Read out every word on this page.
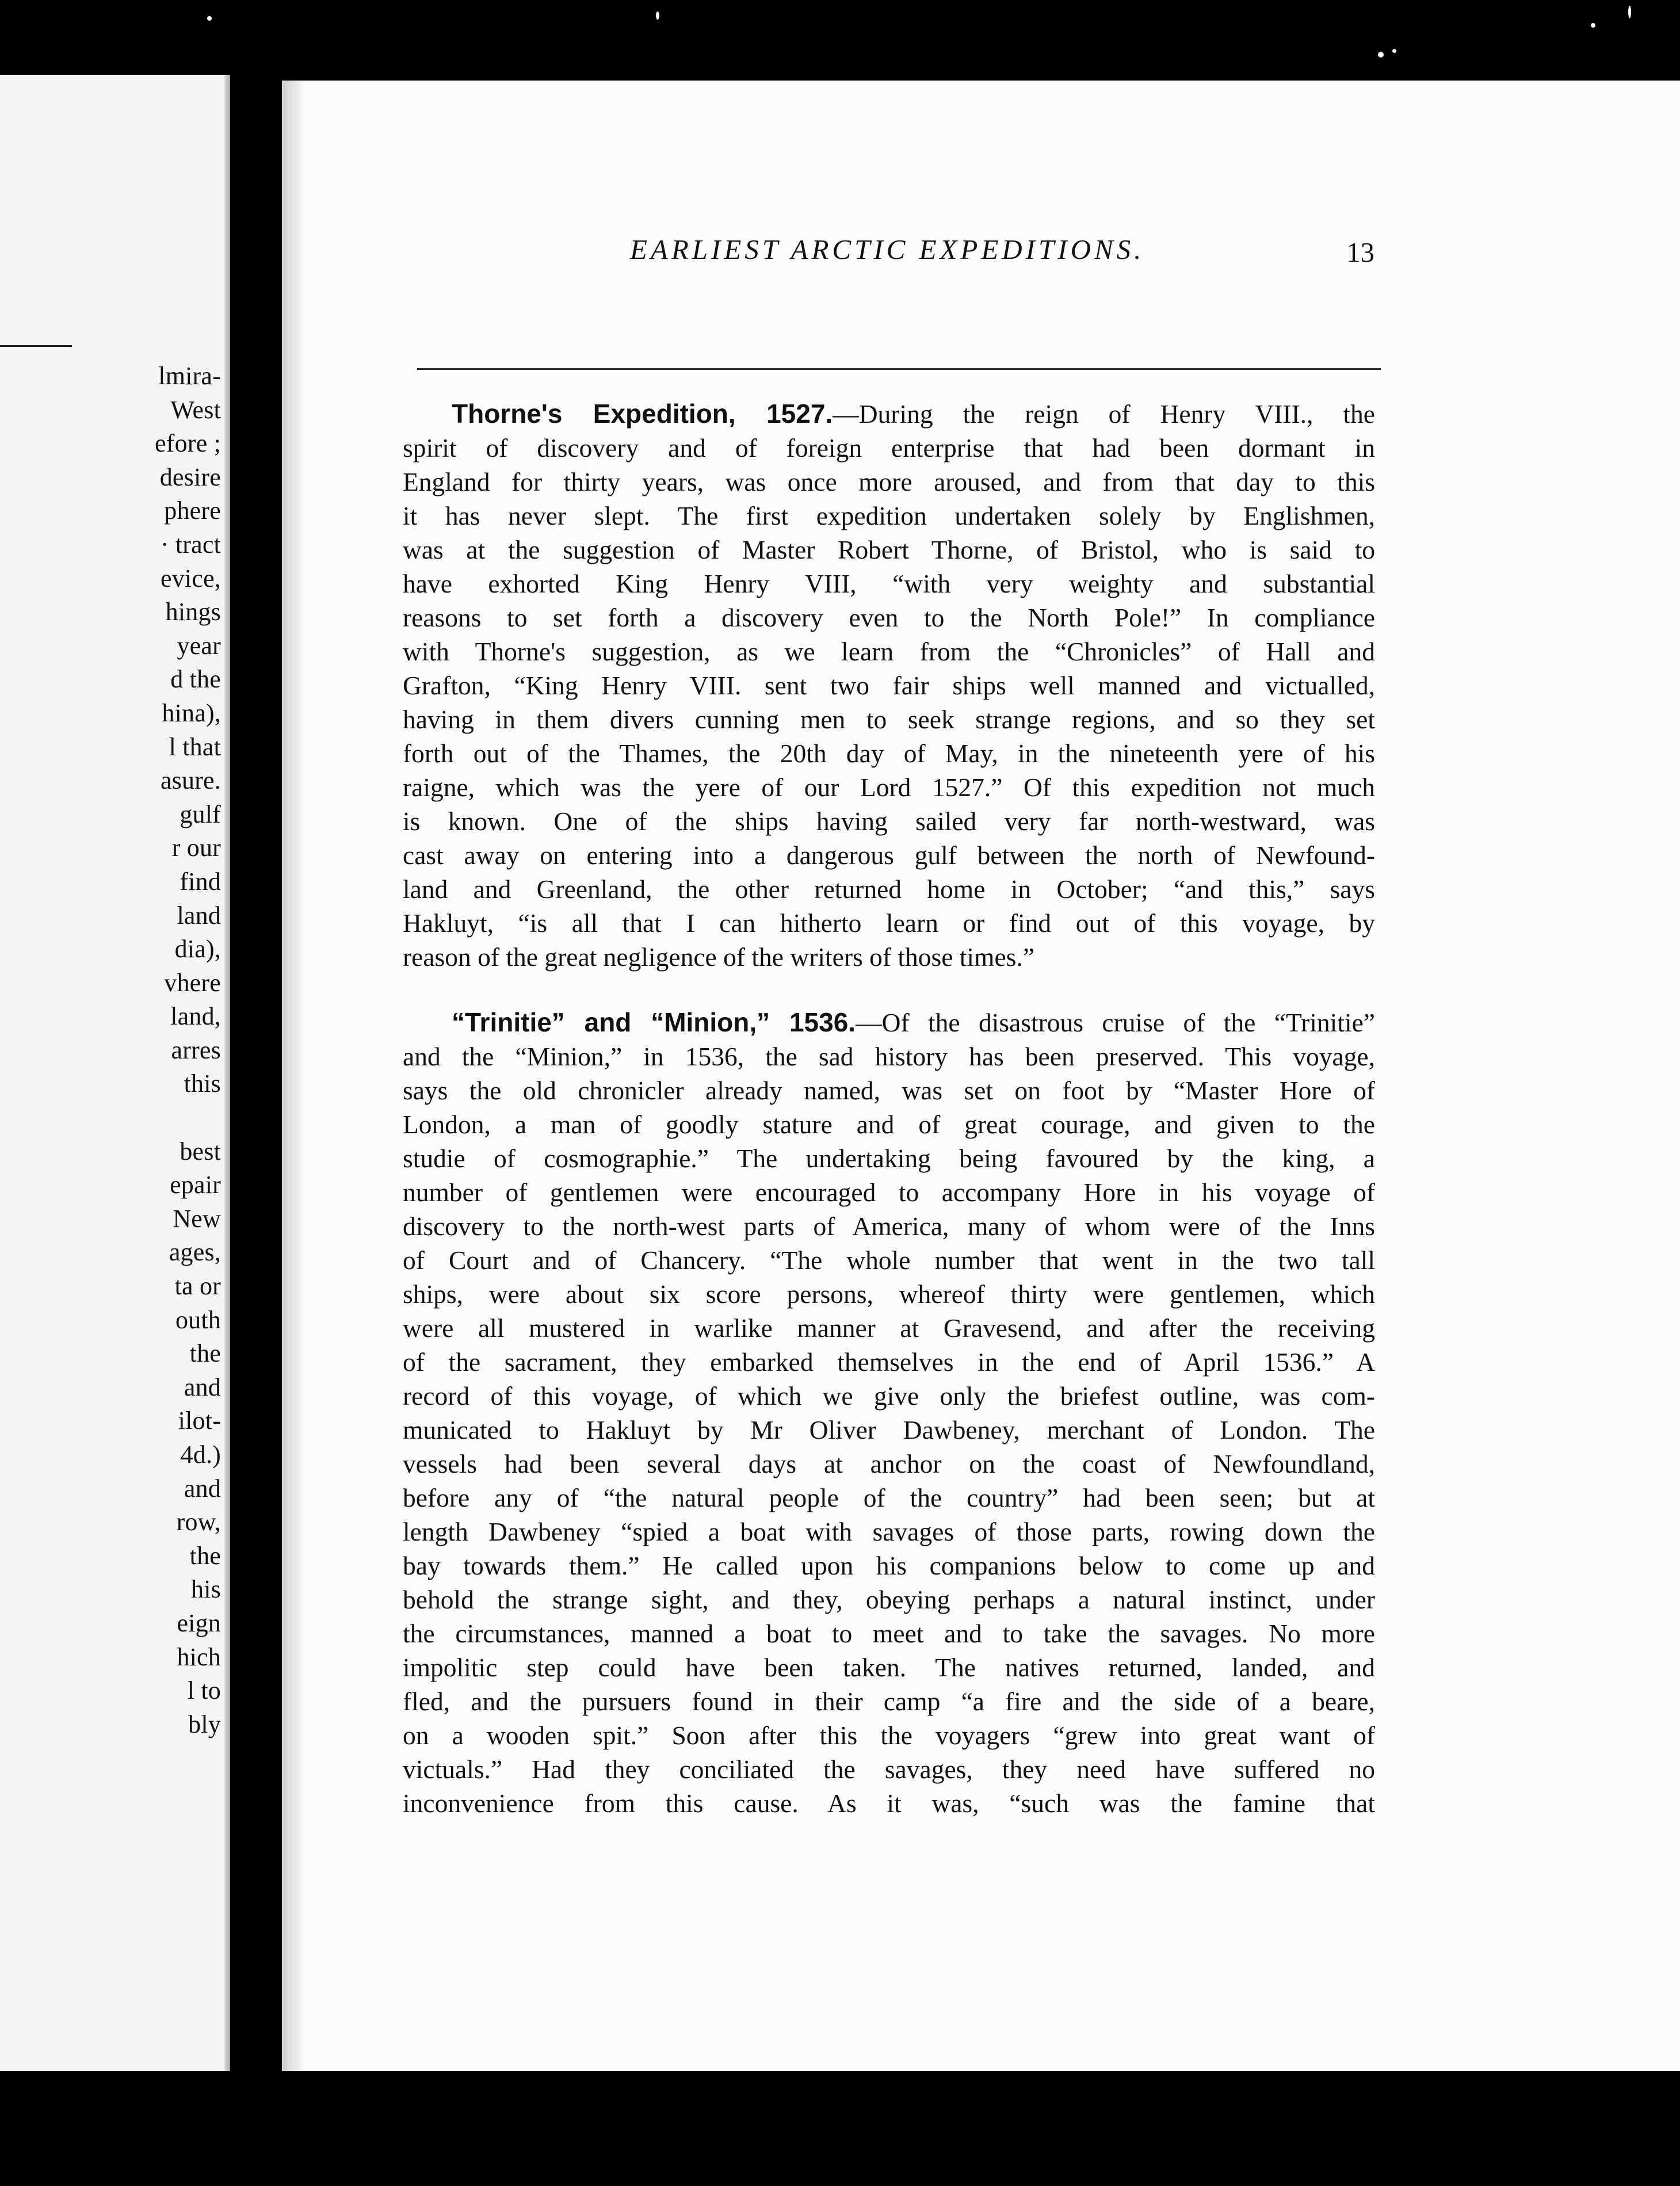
lmira-
West
efore ;
desire
phere
· tract
evice,
hings
year
d the
hina),
l that
asure.
gulf
r our
find
land
dia),
vhere
land,
arres
this
best
epair
New
ages,
ta or
outh
the
and
ilot-
4d.)
and
row,
the
his
eign
hich
l to
bly
EARLIEST ARCTIC EXPEDITIONS.	13
Thorne's Expedition, 1527.—During the reign of Henry VIII., the
spirit of discovery and of foreign enterprise that had been dormant in
England for thirty years, was once more aroused, and from that day to this
it has never slept. The first expedition undertaken solely by Englishmen,
was at the suggestion of Master Robert Thorne, of Bristol, who is said to
have exhorted King Henry VIII, “with very weighty and substantial
reasons to set forth a discovery even to the North Pole!” In compliance
with Thorne's suggestion, as we learn from the “Chronicles” of Hall and
Grafton, “King Henry VIII. sent two fair ships well manned and victualled,
having in them divers cunning men to seek strange regions, and so they set
forth out of the Thames, the 20th day of May, in the nineteenth yere of his
raigne, which was the yere of our Lord 1527.” Of this expedition not much
is known. One of the ships having sailed very far north-westward, was
cast away on entering into a dangerous gulf between the north of Newfound-
land and Greenland, the other returned home in October; “and this,” says
Hakluyt, “is all that I can hitherto learn or find out of this voyage, by
reason of the great negligence of the writers of those times.”
“Trinitie” and “Minion,” 1536.—Of the disastrous cruise of the “Trinitie”
and the “Minion,” in 1536, the sad history has been preserved. This voyage,
says the old chronicler already named, was set on foot by “Master Hore of
London, a man of goodly stature and of great courage, and given to the
studie of cosmographie.” The undertaking being favoured by the king, a
number of gentlemen were encouraged to accompany Hore in his voyage of
discovery to the north-west parts of America, many of whom were of the Inns
of Court and of Chancery. “The whole number that went in the two tall
ships, were about six score persons, whereof thirty were gentlemen, which
were all mustered in warlike manner at Gravesend, and after the receiving
of the sacrament, they embarked themselves in the end of April 1536.” A
record of this voyage, of which we give only the briefest outline, was com-
municated to Hakluyt by Mr Oliver Dawbeney, merchant of London. The
vessels had been several days at anchor on the coast of Newfoundland,
before any of “the natural people of the country” had been seen; but at
length Dawbeney “spied a boat with savages of those parts, rowing down the
bay towards them.” He called upon his companions below to come up and
behold the strange sight, and they, obeying perhaps a natural instinct, under
the circumstances, manned a boat to meet and to take the savages. No more
impolitic step could have been taken. The natives returned, landed, and
fled, and the pursuers found in their camp “a fire and the side of a beare,
on a wooden spit.” Soon after this the voyagers “grew into great want of
victuals.” Had they conciliated the savages, they need have suffered no
inconvenience from this cause. As it was, “such was the famine that
